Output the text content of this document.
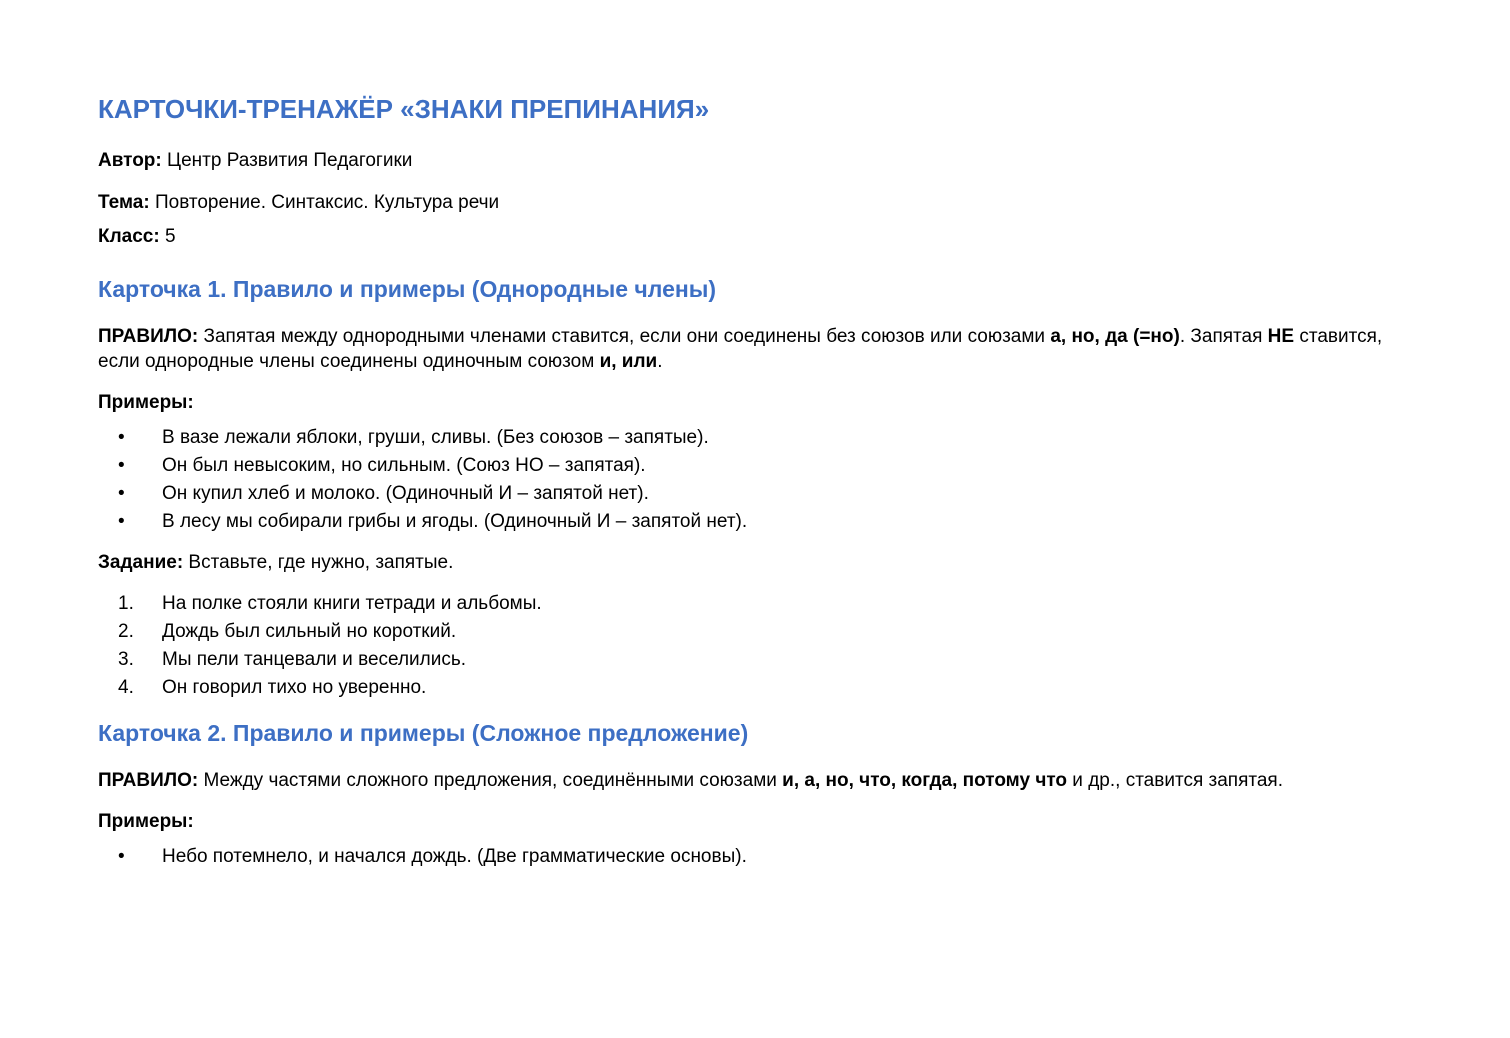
КАРТОЧКИ-ТРЕНАЖЁР «ЗНАКИ ПРЕПИНАНИЯ»

Автор: Центр Развития Педагогики

Тема: Повторение. Синтаксис. Культура речи

Класс: 5

Карточка 1. Правило и примеры (Однородные члены)

ПРАВИЛО: Запятая между однородными членами ставится, если они соединены без союзов или союзами а, но, да (=но). Запятая НЕ ставится, если однородные члены соединены одиночным союзом и, или.

Примеры:

• В вазе лежали яблоки, груши, сливы. (Без союзов – запятые).
• Он был невысоким, но сильным. (Союз НО – запятая).
• Он купил хлеб и молоко. (Одиночный И – запятой нет).
• В лесу мы собирали грибы и ягоды. (Одиночный И – запятой нет).

Задание: Вставьте, где нужно, запятые.

1. На полке стояли книги тетради и альбомы.
2. Дождь был сильный но короткий.
3. Мы пели танцевали и веселились.
4. Он говорил тихо но уверенно.
Карточка 2. Правило и примеры (Сложное предложение)

ПРАВИЛО: Между частями сложного предложения, соединёнными союзами и, а, но, что, когда, потому что и др., ставится запятая.

Примеры:

• Небо потемнело, и начался дождь. (Две грамматические основы).
